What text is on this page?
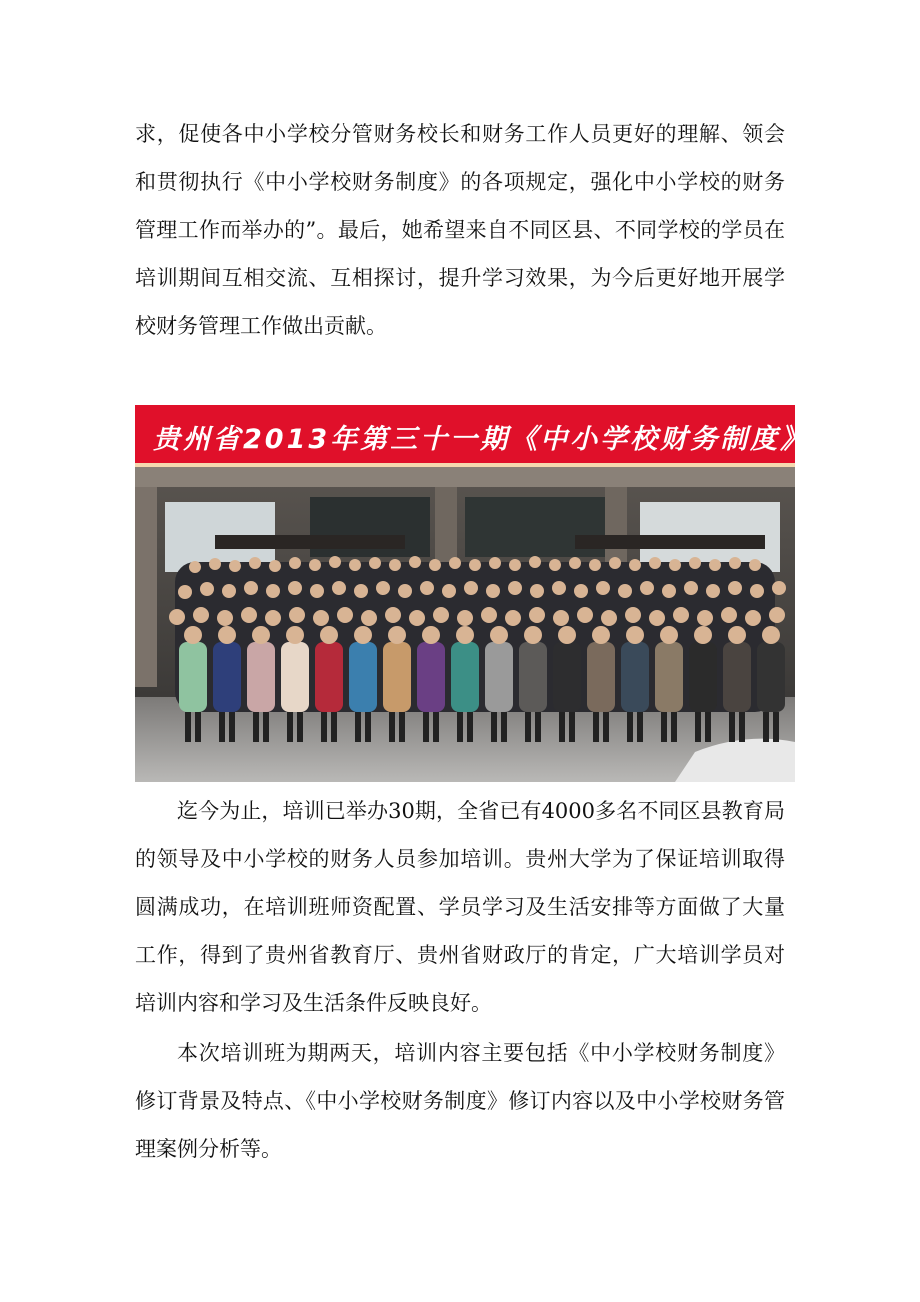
求，促使各中小学校分管财务校长和财务工作人员更好的理解、领会和贯彻执行《中小学校财务制度》的各项规定，强化中小学校的财务管理工作而举办的”。最后，她希望来自不同区县、不同学校的学员在培训期间互相交流、互相探讨，提升学习效果，为今后更好地开展学校财务管理工作做出贡献。

贵州省2013年第三十一期《中小学校财务制度》培训班

迄今为止，培训已举办30期，全省已有4000多名不同区县教育局的领导及中小学校的财务人员参加培训。贵州大学为了保证培训取得圆满成功，在培训班师资配置、学员学习及生活安排等方面做了大量工作，得到了贵州省教育厅、贵州省财政厅的肯定，广大培训学员对培训内容和学习及生活条件反映良好。

本次培训班为期两天，培训内容主要包括《中小学校财务制度》修订背景及特点、《中小学校财务制度》修订内容以及中小学校财务管理案例分析等。
